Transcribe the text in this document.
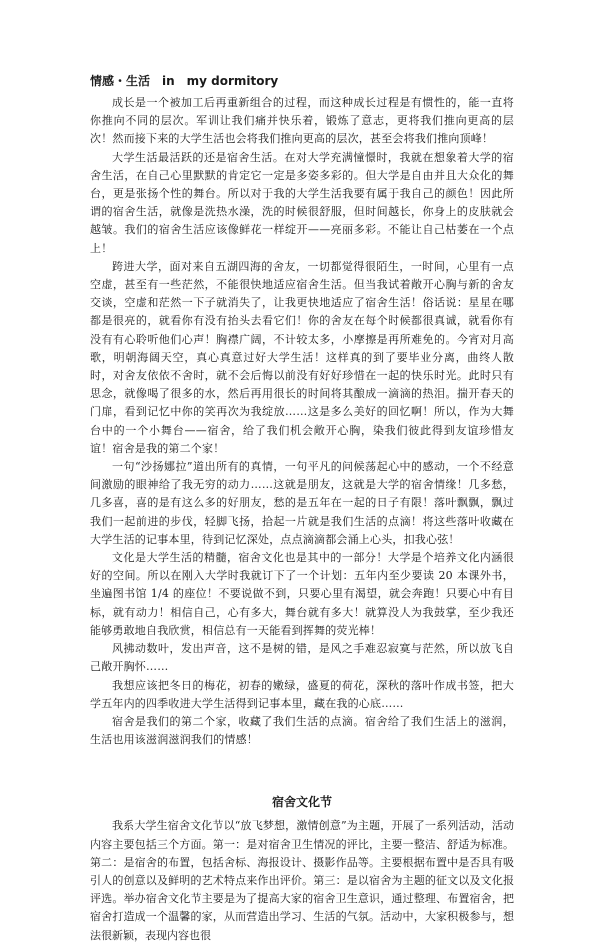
情感・生活　in　my dormitory

成长是一个被加工后再重新组合的过程，而这种成长过程是有惯性的，能一直将你推向不同的层次。军训让我们痛并快乐着，锻炼了意志，更将我们推向更高的层次！然而接下来的大学生活也会将我们推向更高的层次，甚至会将我们推向顶峰！

大学生活最活跃的还是宿舍生活。在对大学充满憧憬时，我就在想象着大学的宿舍生活，在自己心里默默的肯定它一定是多姿多彩的。但大学是自由并且大众化的舞台，更是张扬个性的舞台。所以对于我的大学生活我要有属于我自己的颜色！因此所谓的宿舍生活，就像是洗热水澡，洗的时候很舒服，但时间越长，你身上的皮肤就会越皱。我们的宿舍生活应该像鲜花一样绽开——亮丽多彩。不能让自己枯萎在一个点上！

跨进大学，面对来自五湖四海的舍友，一切都觉得很陌生，一时间，心里有一点空虚，甚至有一些茫然，不能很快地适应宿舍生活。但当我试着敞开心胸与新的舍友交谈，空虚和茫然一下子就消失了，让我更快地适应了宿舍生活！俗话说：星星在哪都是很亮的，就看你有没有抬头去看它们！你的舍友在每个时候都很真诚，就看你有没有有心聆听他们心声！胸襟广阔，不计较太多，小摩擦是再所难免的。今宵对月高歌，明朝海阔天空，真心真意过好大学生活！这样真的到了要毕业分离，曲终人散时，对舍友依依不舍时，就不会后悔以前没有好好珍惜在一起的快乐时光。此时只有思念，就像喝了很多的水，然后再用很长的时间将其酿成一滴滴的热泪。揣开春天的门扉，看到记忆中你的笑再次为我绽放……这是多么美好的回忆啊！所以，作为大舞台中的一个小舞台——宿舍，给了我们机会敞开心胸，染我们彼此得到友谊珍惜友谊！宿舍是我的第二个家！

一句“沙扬娜拉”道出所有的真情，一句平凡的问候荡起心中的感动，一个不经意间激励的眼神给了我无穷的动力……这就是朋友，这就是大学的宿舍情缘！几多愁，几多喜，喜的是有这么多的好朋友，愁的是五年在一起的日子有限！落叶飘飘，飘过我们一起前进的步伐，轻脚飞扬，拾起一片就是我们生活的点滴！将这些落叶收藏在大学生活的记事本里，待到记忆深处，点点滴滴都会涌上心头，扣我心弦！

文化是大学生活的精髓，宿舍文化也是其中的一部分！大学是个培养文化内涵很好的空间。所以在刚入大学时我就订下了一个计划：五年内至少要读 20 本课外书，坐遍图书馆 1/4 的座位！不要说做不到，只要心里有渴望，就会奔跑！只要心中有目标，就有动力！相信自己，心有多大，舞台就有多大！就算没人为我鼓掌，至少我还能够勇敢地自我欣赏，相信总有一天能看到挥舞的荧光棒！

风拂动数叶，发出声音，这不是树的错，是风之手难忍寂寞与茫然，所以放飞自己敞开胸怀……

我想应该把冬日的梅花，初春的嫩绿，盛夏的荷花，深秋的落叶作成书签，把大学五年内的四季收进大学生活得到记事本里，藏在我的心底……

宿舍是我们的第二个家，收藏了我们生活的点滴。宿舍给了我们生活上的滋润，生活也用该滋润滋润我们的情感！

宿舍文化节

我系大学生宿舍文化节以“放飞梦想，激情创意”为主题，开展了一系列活动，活动内容主要包括三个方面。第一：是对宿舍卫生情况的评比，主要一整洁、舒适为标准。第二：是宿舍的布置，包括舍标、海报设计、摄影作品等。主要根据布置中是否具有吸引人的创意以及鲜明的艺术特点来作出评价。第三：是以宿舍为主题的征文以及文化报评选。举办宿舍文化节主要是为了提高大家的宿舍卫生意识，通过整理、布置宿舍，把宿舍打造成一个温馨的家，从而营造出学习、生活的气氛。活动中，大家积极参与，想法很新颖，表现内容也很
